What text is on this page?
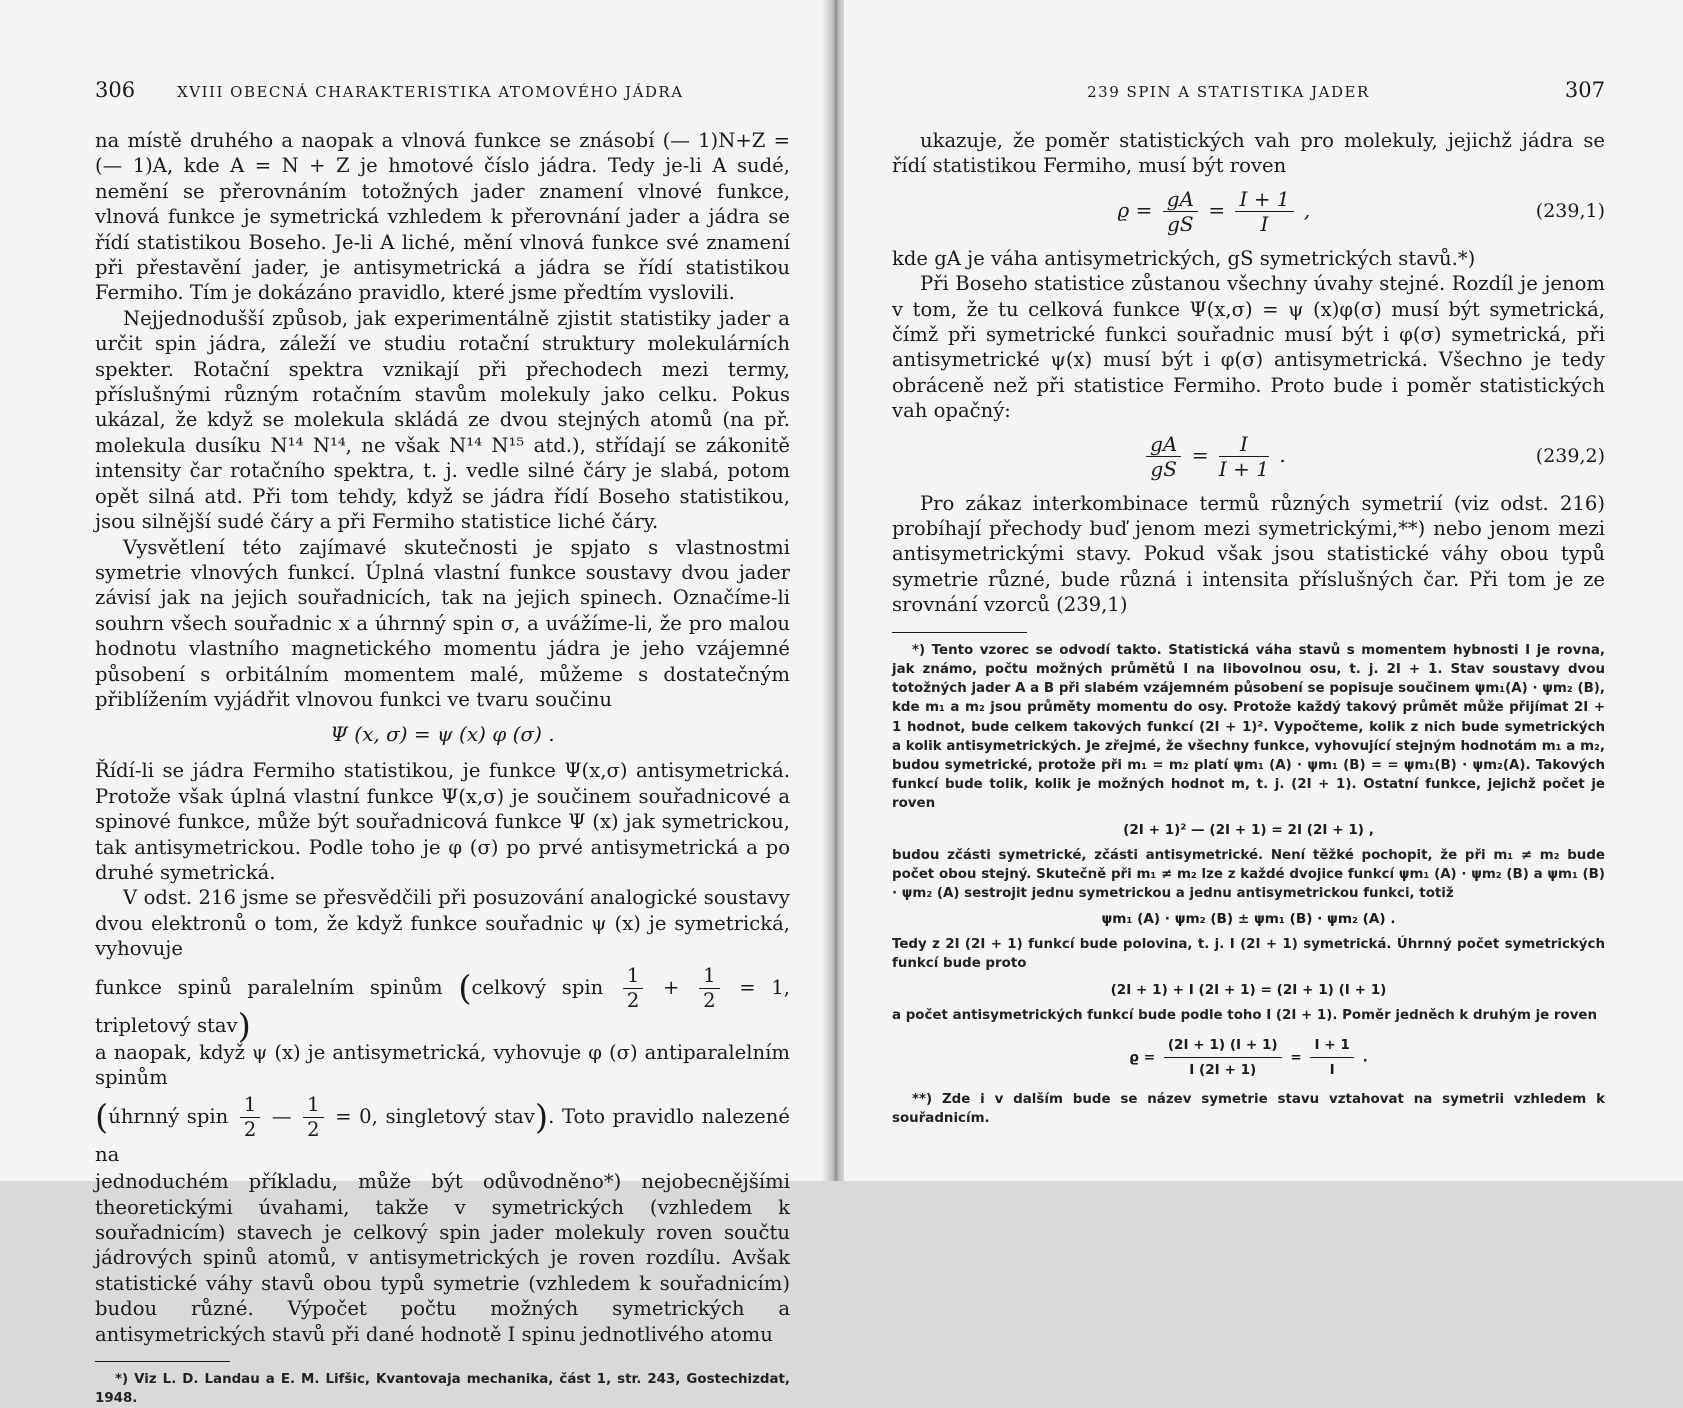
306	XVIII OBECNÁ CHARAKTERISTIKA ATOMOVÉHO JÁDRA

na místě druhého a naopak a vlnová funkce se znásobí (— 1)N+Z = (— 1)A, kde A = N + Z je hmotové číslo jádra. Tedy je-li A sudé, nemění se přerovnáním totožných jader znamení vlnové funkce, vlnová funkce je symetrická vzhledem k přerovnání jader a jádra se řídí statistikou Boseho. Je-li A liché, mění vlnová funkce své znamení při přestavění jader, je antisymetrická a jádra se řídí statistikou Fermiho. Tím je dokázáno pravidlo, které jsme předtím vyslovili.

Nejjednodušší způsob, jak experimentálně zjistit statistiky jader a určit spin jádra, záleží ve studiu rotační struktury molekulárních spekter. Rotační spektra vznikají při přechodech mezi termy, příslušnými různým rotačním stavům molekuly jako celku. Pokus ukázal, že když se molekula skládá ze dvou stejných atomů (na př. molekula dusíku N¹⁴ N¹⁴, ne však N¹⁴ N¹⁵ atd.), střídají se zákonitě intensity čar rotačního spektra, t. j. vedle silné čáry je slabá, potom opět silná atd. Při tom tehdy, když se jádra řídí Boseho statistikou, jsou silnější sudé čáry a při Fermiho statistice liché čáry.

Vysvětlení této zajímavé skutečnosti je spjato s vlastnostmi symetrie vlnových funkcí. Úplná vlastní funkce soustavy dvou jader závisí jak na jejich souřadnicích, tak na jejich spinech. Označíme-li souhrn všech souřadnic x a úhrnný spin σ, a uvážíme-li, že pro malou hodnotu vlastního magnetického momentu jádra je jeho vzájemné působení s orbitálním momentem malé, můžeme s dostatečným přiblížením vyjádřit vlnovou funkci ve tvaru součinu

Ψ (x, σ) = ψ (x) φ (σ) .

Řídí-li se jádra Fermiho statistikou, je funkce Ψ(x,σ) antisymetrická. Protože však úplná vlastní funkce Ψ(x,σ) je součinem souřadnicové a spinové funkce, může být souřadnicová funkce Ψ (x) jak symetrickou, tak antisymetrickou. Podle toho je φ (σ) po prvé antisymetrická a po druhé symetrická.

V odst. 216 jsme se přesvědčili při posuzování analogické soustavy dvou elektronů o tom, že když funkce souřadnic ψ (x) je symetrická, vyhovuje

funkce spinů paralelním spinům (celkový spin $\frac{1}{2} + \frac{1}{2} = 1$, tripletový stav)

a naopak, když ψ (x) je antisymetrická, vyhovuje φ (σ) antiparalelním spinům

(úhrnný spin $\frac{1}{2}$ — $\frac{1}{2} = 0$, singletový stav). Toto pravidlo nalezené na

jednoduchém příkladu, může být odůvodněno*) nejobecnějšími theoretickými úvahami, takže v symetrických (vzhledem k souřadnicím) stavech je celkový spin jader molekuly roven součtu jádrových spinů atomů, v antisymetrických je roven rozdílu. Avšak statistické váhy stavů obou typů symetrie (vzhledem k souřadnicím) budou různé. Výpočet počtu možných symetrických a antisymetrických stavů při dané hodnotě I spinu jednotlivého atomu

*) Viz L. D. Landau a E. M. Lifšic, Kvantovaja mechanika, část 1, str. 243, Gostechizdat, 1948.

239 SPIN A STATISTIKA JADER	307

ukazuje, že poměr statistických vah pro molekuly, jejichž jádra se řídí statistikou Fermiho, musí být roven

$ϱ = \frac{gA}{gS} = \frac{I + 1}{I}$ ,	(239,1)

kde gA je váha antisymetrických, gS symetrických stavů.*)

Při Boseho statistice zůstanou všechny úvahy stejné. Rozdíl je jenom v tom, že tu celková funkce Ψ(x,σ) = ψ (x)φ(σ) musí být symetrická, čímž při symetrické funkci souřadnic musí být i φ(σ) symetrická, při antisymetrické ψ(x) musí být i φ(σ) antisymetrická. Všechno je tedy obráceně než při statistice Fermiho. Proto bude i poměr statistických vah opačný:

$\frac{gA}{gS} = \frac{I}{I + 1}$ .	(239,2)

Pro zákaz interkombinace termů různých symetrií (viz odst. 216) probíhají přechody buď jenom mezi symetrickými,**) nebo jenom mezi antisymetrickými stavy. Pokud však jsou statistické váhy obou typů symetrie různé, bude různá i intensita příslušných čar. Při tom je ze srovnání vzorců (239,1)

*) Tento vzorec se odvodí takto. Statistická váha stavů s momentem hybnosti I je rovna, jak známo, počtu možných průmětů I na libovolnou osu, t. j. 2I + 1. Stav soustavy dvou totožných jader A a B při slabém vzájemném působení se popisuje součinem ψm₁(A) · ψm₂ (B), kde m₁ a m₂ jsou průměty momentu do osy. Protože každý takový průmět může přijímat 2I + 1 hodnot, bude celkem takových funkcí (2I + 1)². Vypočteme, kolik z nich bude symetrických a kolik antisymetrických. Je zřejmé, že všechny funkce, vyhovující stejným hodnotám m₁ a m₂, budou symetrické, protože při m₁ = m₂ platí ψm₁ (A) · ψm₁ (B) = = ψm₁(B) · ψm₂(A). Takových funkcí bude tolik, kolik je možných hodnot m, t. j. (2I + 1). Ostatní funkce, jejichž počet je roven

(2I + 1)² — (2I + 1) = 2I (2I + 1) ,

budou zčásti symetrické, zčásti antisymetrické. Není těžké pochopit, že při m₁ ≠ m₂ bude počet obou stejný. Skutečně při m₁ ≠ m₂ lze z každé dvojice funkcí ψm₁ (A) · ψm₂ (B) a ψm₁ (B) · ψm₂ (A) sestrojit jednu symetrickou a jednu antisymetrickou funkci, totiž

ψm₁ (A) · ψm₂ (B) ± ψm₁ (B) · ψm₂ (A) .

Tedy z 2I (2I + 1) funkcí bude polovina, t. j. I (2I + 1) symetrická. Úhrnný počet symetrických funkcí bude proto

(2I + 1) + I (2I + 1) = (2I + 1) (I + 1)

a počet antisymetrických funkcí bude podle toho I (2I + 1). Poměr jedněch k druhým je roven

$ϱ = \frac{(2I + 1) (I + 1)}{I (2I + 1)} = \frac{I + 1}{I}$ .

**) Zde i v dalším bude se název symetrie stavu vztahovat na symetrii vzhledem k souřadnicím.
